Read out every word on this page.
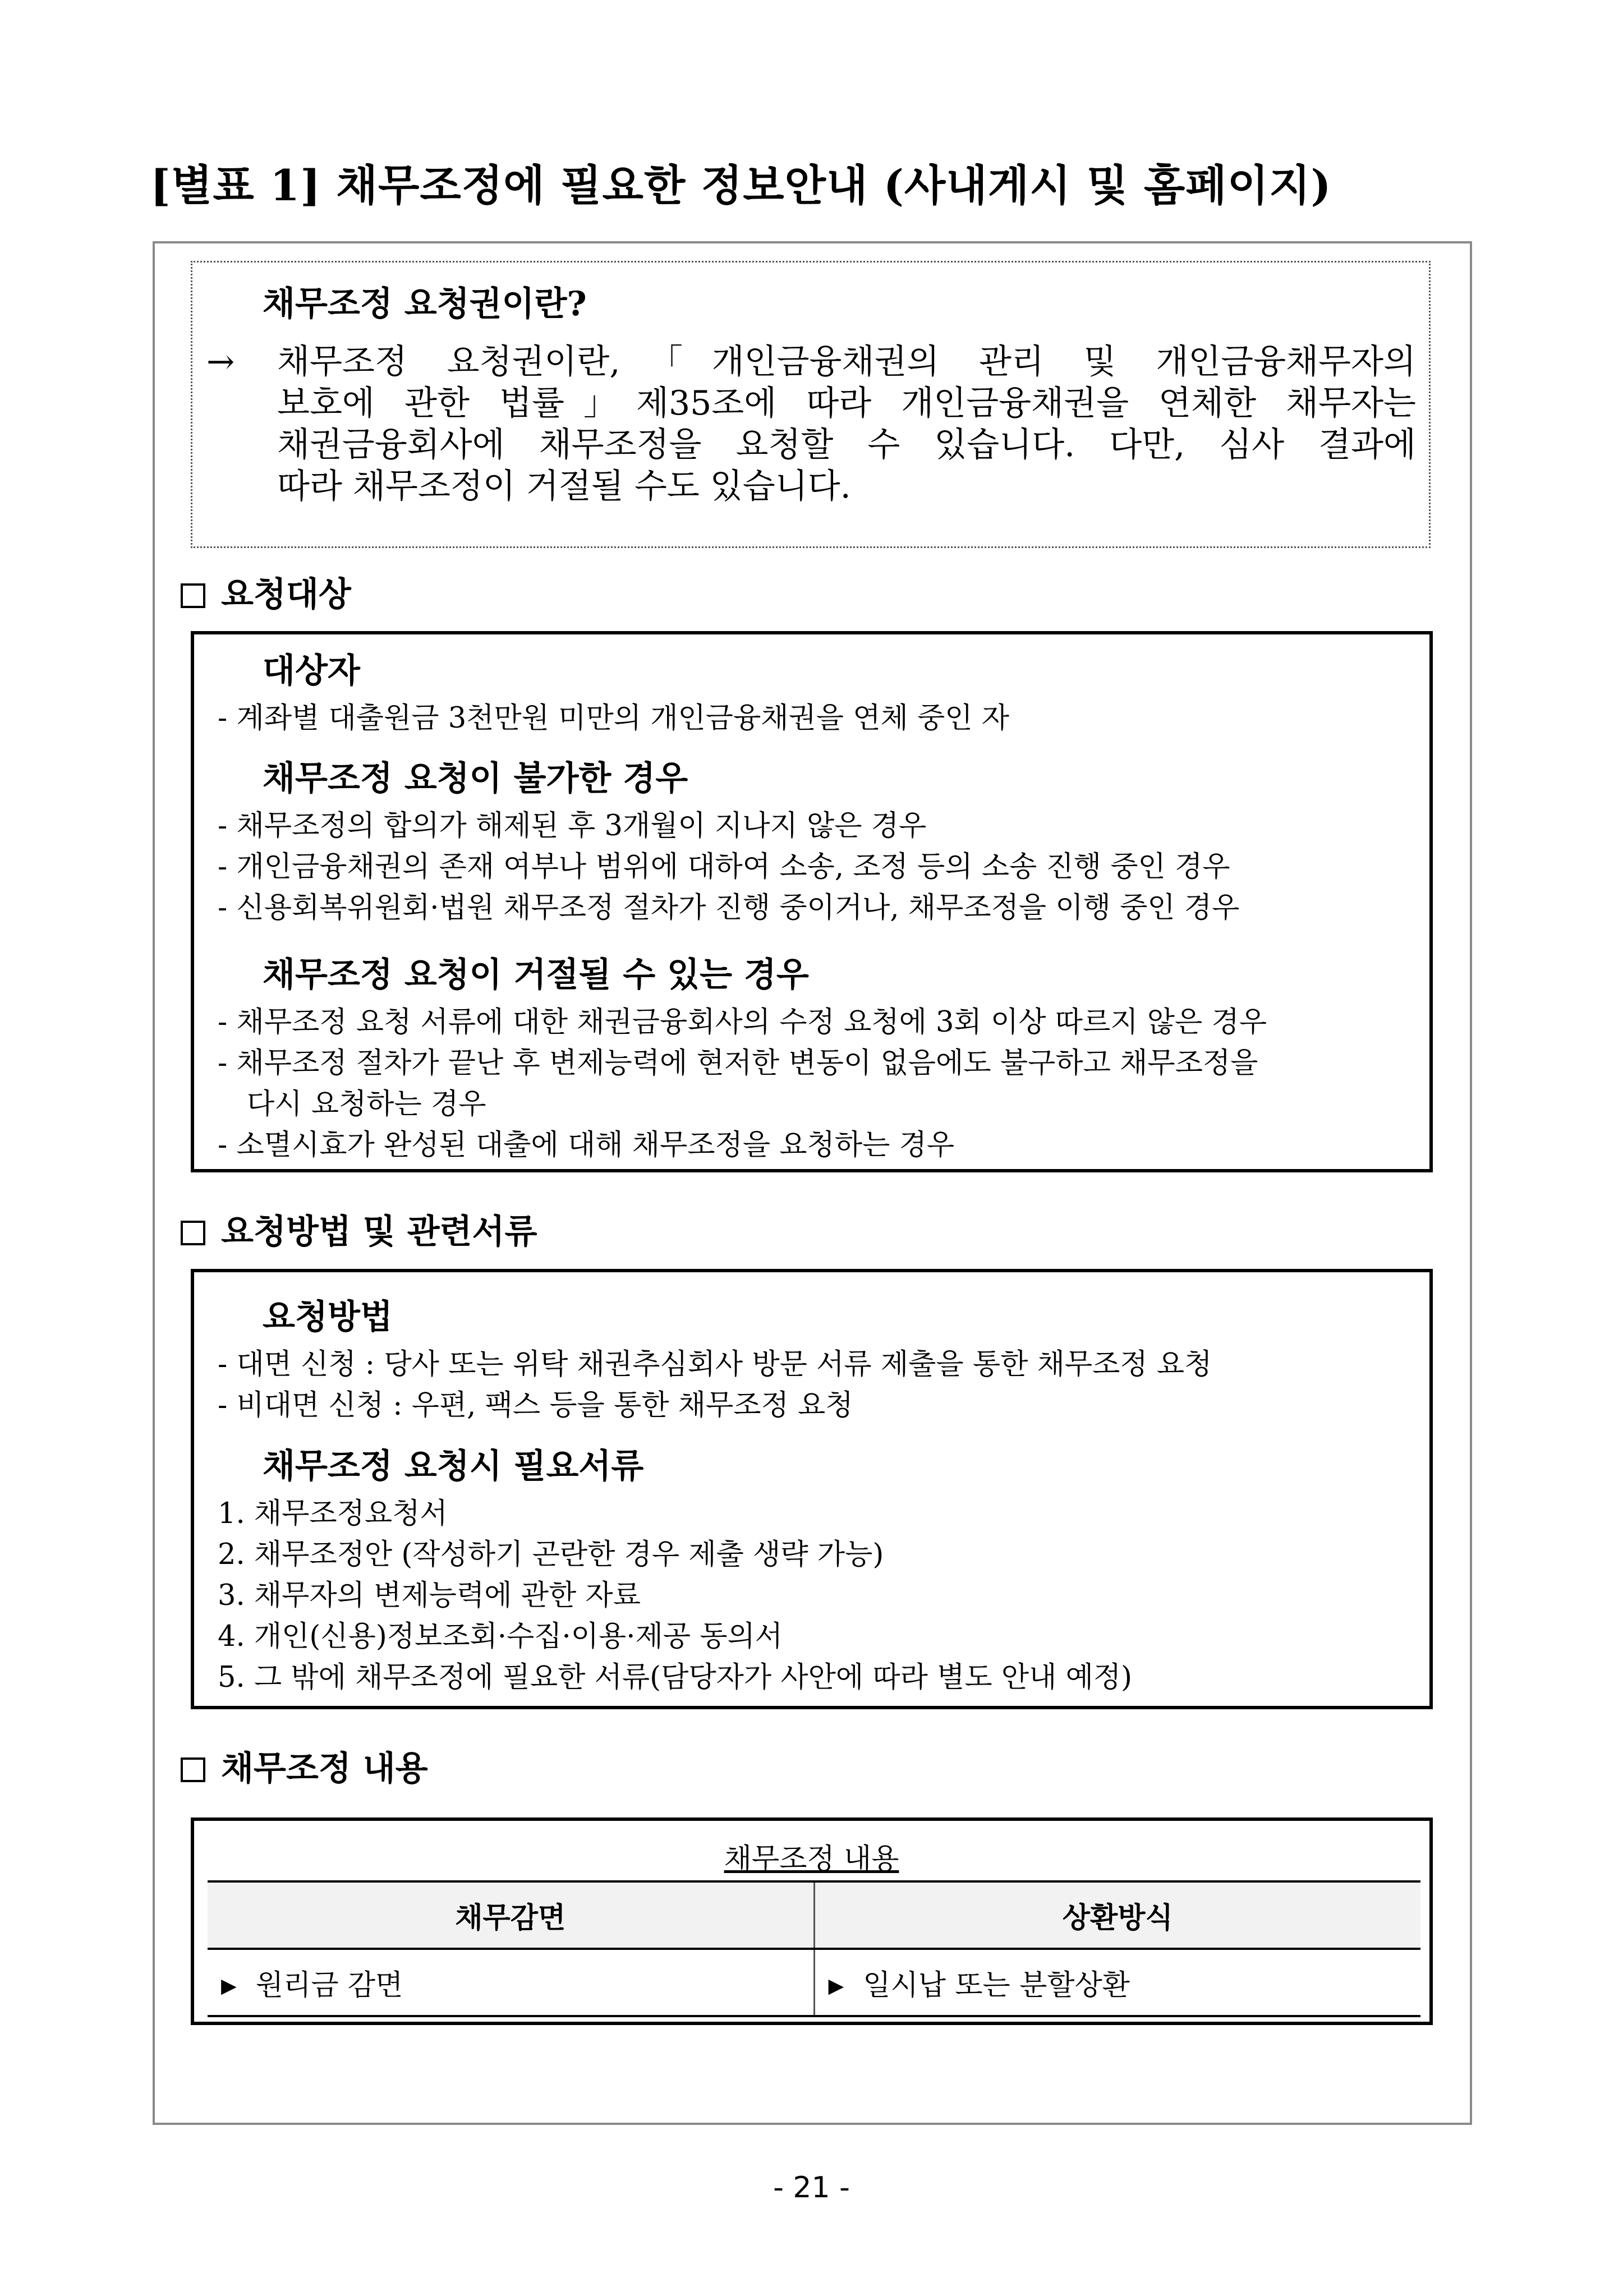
[별표 1] 채무조정에 필요한 정보안내 (사내게시 및 홈페이지)
채무조정 요청권이란?
→ 채무조정 요청권이란,「개인금융채권의 관리 및 개인금융채무자의
보호에 관한 법률」제35조에 따라 개인금융채권을 연체한 채무자는
채권금융회사에 채무조정을 요청할 수 있습니다. 다만, 심사 결과에
따라 채무조정이 거절될 수도 있습니다.
요청대상
대상자
- 계좌별 대출원금 3천만원 미만의 개인금융채권을 연체 중인 자
채무조정 요청이 불가한 경우
- 채무조정의 합의가 해제된 후 3개월이 지나지 않은 경우
- 개인금융채권의 존재 여부나 범위에 대하여 소송, 조정 등의 소송 진행 중인 경우
- 신용회복위원회·법원 채무조정 절차가 진행 중이거나, 채무조정을 이행 중인 경우
채무조정 요청이 거절될 수 있는 경우
- 채무조정 요청 서류에 대한 채권금융회사의 수정 요청에 3회 이상 따르지 않은 경우
- 채무조정 절차가 끝난 후 변제능력에 현저한 변동이 없음에도 불구하고 채무조정을
다시 요청하는 경우
- 소멸시효가 완성된 대출에 대해 채무조정을 요청하는 경우
요청방법 및 관련서류
요청방법
- 대면 신청 : 당사 또는 위탁 채권추심회사 방문 서류 제출을 통한 채무조정 요청
- 비대면 신청 : 우편, 팩스 등을 통한 채무조정 요청
채무조정 요청시 필요서류
1. 채무조정요청서
2. 채무조정안 (작성하기 곤란한 경우 제출 생략 가능)
3. 채무자의 변제능력에 관한 자료
4. 개인(신용)정보조회·수집·이용·제공 동의서
5. 그 밖에 채무조정에 필요한 서류(담당자가 사안에 따라 별도 안내 예정)
채무조정 내용
채무조정 내용
채무감면	상환방식
▶ 원리금 감면	▶ 일시납 또는 분할상환
- 21 -
